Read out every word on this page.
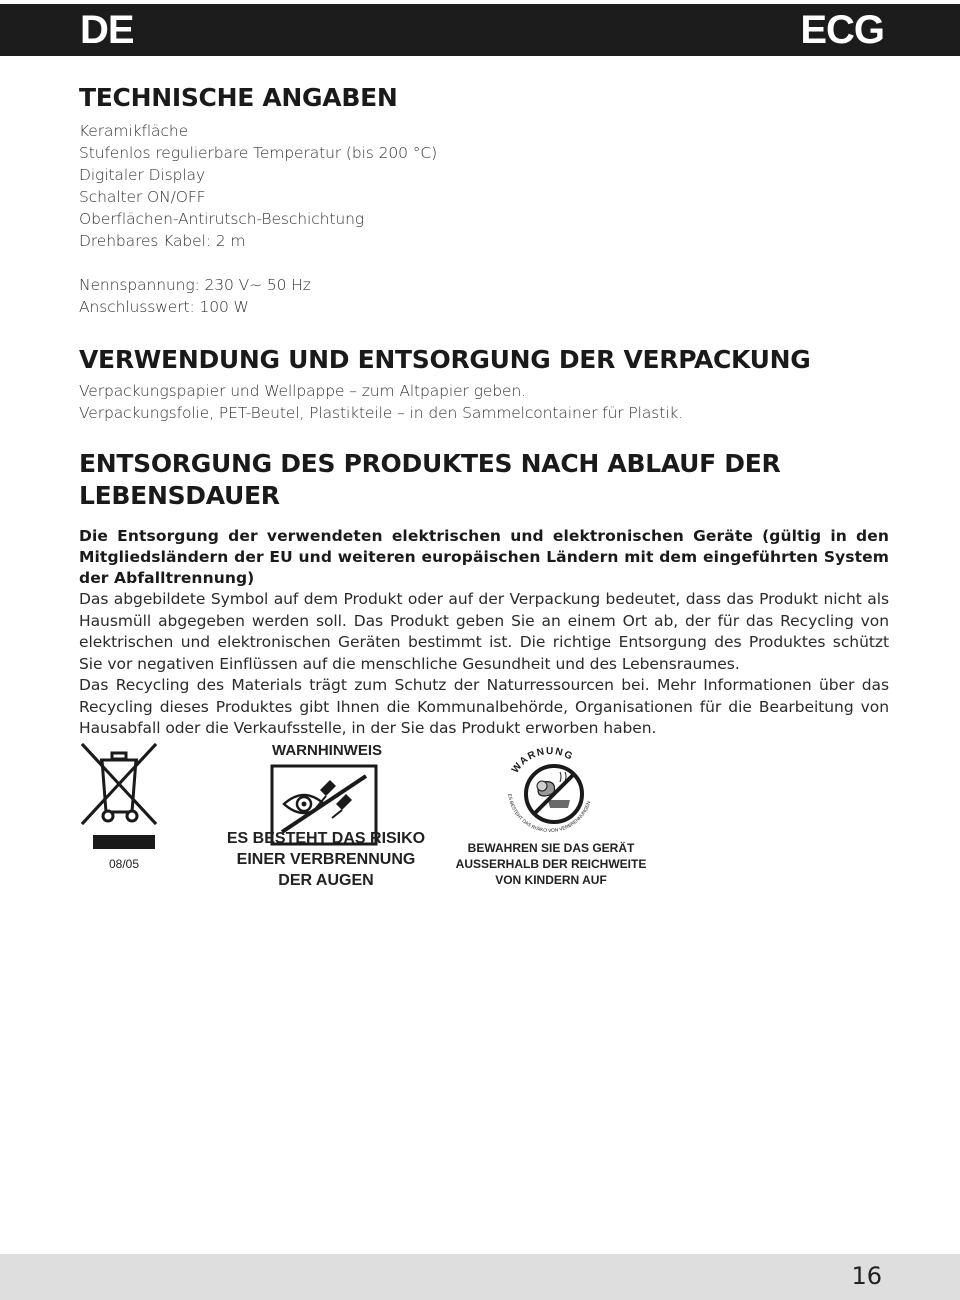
DE	ECG
TECHNISCHE ANGABEN
Keramikfläche
Stufenlos regulierbare Temperatur (bis 200 °C)
Digitaler Display
Schalter ON/OFF
Oberflächen-Antirutsch-Beschichtung
Drehbares Kabel: 2 m
Nennspannung: 230 V~ 50 Hz
Anschlusswert: 100 W
VERWENDUNG UND ENTSORGUNG DER VERPACKUNG
Verpackungspapier und Wellpappe – zum Altpapier geben.
Verpackungsfolie, PET-Beutel, Plastikteile – in den Sammelcontainer für Plastik.
ENTSORGUNG DES PRODUKTES NACH ABLAUF DER LEBENSDAUER
Die Entsorgung der verwendeten elektrischen und elektronischen Geräte (gültig in den Mitgliedsländern der EU und weiteren europäischen Ländern mit dem eingeführten System der Abfalltrennung)
Das abgebildete Symbol auf dem Produkt oder auf der Verpackung bedeutet, dass das Produkt nicht als Hausmüll abgegeben werden soll. Das Produkt geben Sie an einem Ort ab, der für das Recycling von elektrischen und elektronischen Geräten bestimmt ist. Die richtige Entsorgung des Produktes schützt Sie vor negativen Einflüssen auf die menschliche Gesundheit und des Lebensraumes.
Das Recycling des Materials trägt zum Schutz der Naturressourcen bei. Mehr Informationen über das Recycling dieses Produktes gibt Ihnen die Kommunalbehörde, Organisationen für die Bearbeitung von Hausabfall oder die Verkaufsstelle, in der Sie das Produkt erworben haben.
08/05
WARNHINWEIS
ES BESTEHT DAS RISIKO
EINER VERBRENNUNG
DER AUGEN
WARNUNG
ES BESTEHT DAS RISIKO VON VERBRENNUNGEN
BEWAHREN SIE DAS GERÄT
AUSSERHALB DER REICHWEITE
VON KINDERN AUF
16
